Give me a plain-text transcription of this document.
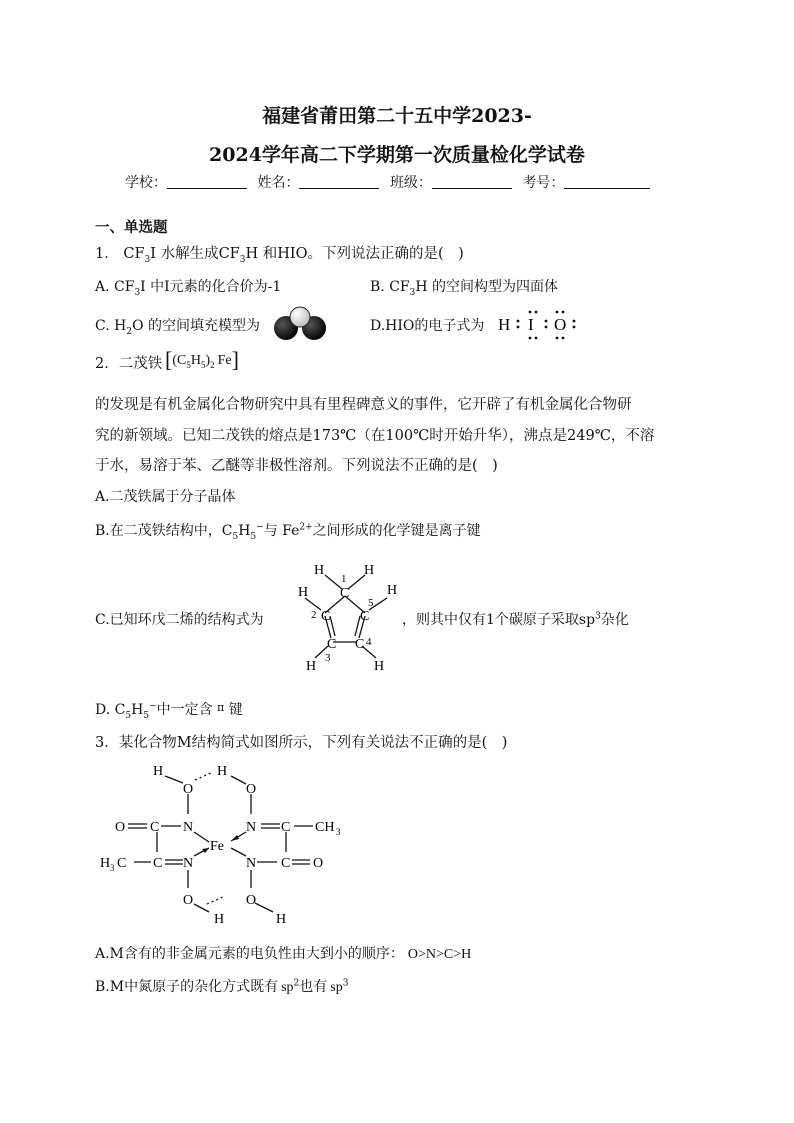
福建省莆田第二十五中学2023-
2024学年高二下学期第一次质量检化学试卷
学校：	姓名：	班级：	考号：
一、单选题
1． $CF_3I$ 水解生成$CF_3H$ 和HIO。下列说法正确的是(　)
A. $CF_3I$ 中I元素的化合价为-1	B. $CF_3H$ 的空间构型为四面体
C. $H_2O$ 的空间填充模型为	D.HIO的电子式为 H I O
2．二茂铁 [$(C_5H_5)_2$ Fe]
的发现是有机金属化合物研究中具有里程碑意义的事件，它开辟了有机金属化合物研
究的新领域。已知二茂铁的熔点是173℃（在100℃时开始升华），沸点是249℃，不溶
于水，易溶于苯、乙醚等非极性溶剂。下列说法不正确的是(　)
A.二茂铁属于分子晶体
B.在二茂铁结构中，$C_5H_5^-$与 $Fe^{2+}$之间形成的化学键是离子键
C.已知环戊二烯的结构式为
H	H
1
C	H
5
2 C C
C C
3
4
H
H	H
，则其中仅有1个碳原子采取$sp^3$杂化
D. $C_5H_5^-$中一定含 $^\pi$ 键
3．某化合物M结构简式如图所示，下列有关说法不正确的是(　)
H
O
H
O
O C N	N C CH 3
Fe
H 3 C C N	N C O
O
H
O
H
A.M含有的非金属元素的电负性由大到小的顺序： O>N>C>H
B.M中氮原子的杂化方式既有 $sp^2$也有 $sp^3$
